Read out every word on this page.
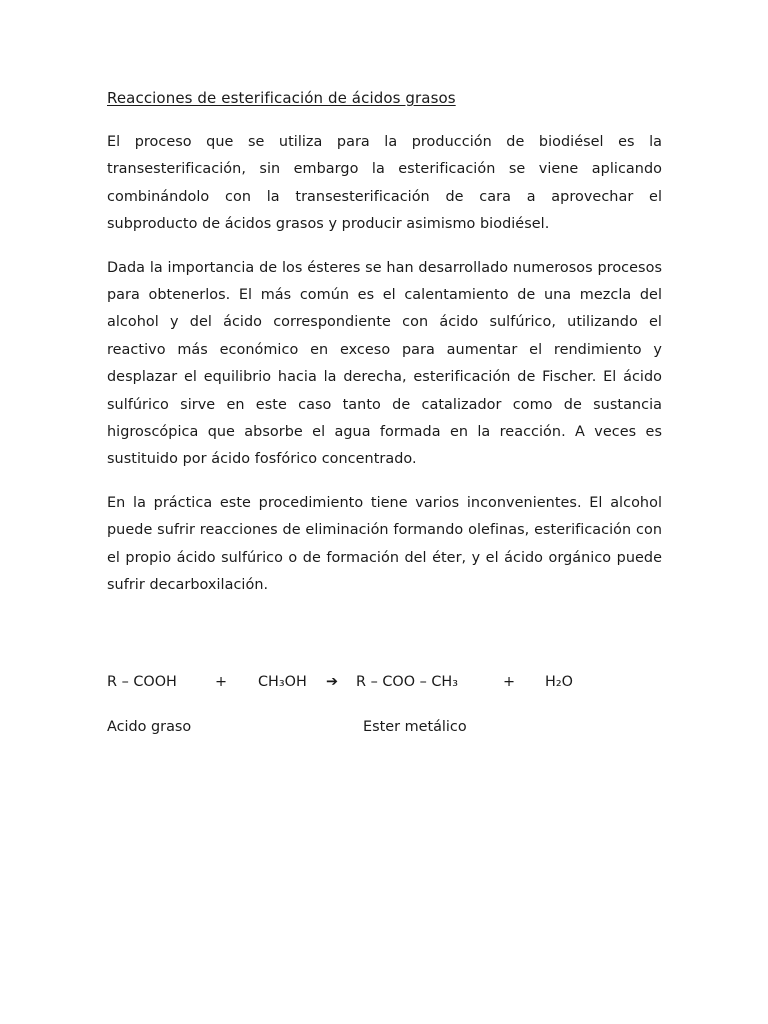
Reacciones de esterificación de ácidos grasos

El proceso que se utiliza para la producción de biodiésel es la transesterificación, sin embargo la esterificación se viene aplicando combinándolo con la transesterificación de cara a aprovechar el subproducto de ácidos grasos y producir asimismo biodiésel.

Dada la importancia de los ésteres se han desarrollado numerosos procesos para obtenerlos. El más común es el calentamiento de una mezcla del alcohol y del ácido correspondiente con ácido sulfúrico, utilizando el reactivo más económico en exceso para aumentar el rendimiento y desplazar el equilibrio hacia la derecha, esterificación de Fischer. El ácido sulfúrico sirve en este caso tanto de catalizador como de sustancia higroscópica que absorbe el agua formada en la reacción. A veces es sustituido por ácido fosfórico concentrado.

En la práctica este procedimiento tiene varios inconvenientes. El alcohol puede sufrir reacciones de eliminación formando olefinas, esterificación con el propio ácido sulfúrico o de formación del éter, y el ácido orgánico puede sufrir decarboxilación.

R – COOH	+ CH₃OH ➔ R – COO – CH₃	+ H₂O
Acido graso	Ester metálico
